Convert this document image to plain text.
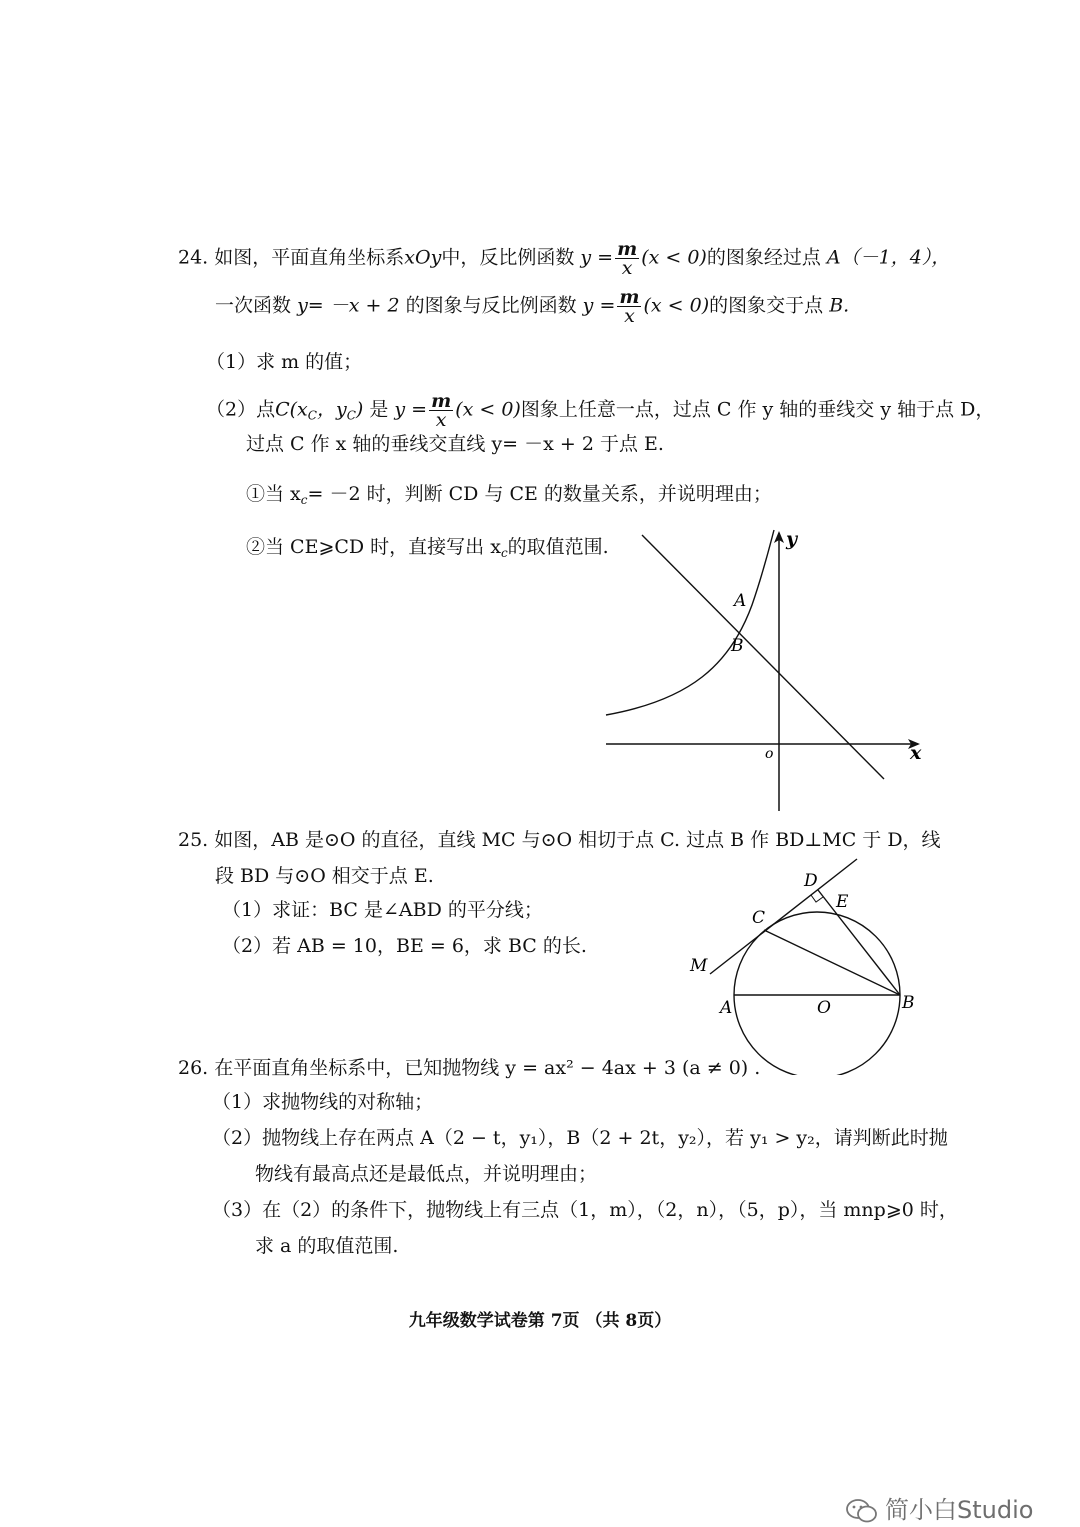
24. 如图，平面直角坐标系xOy中，反比例函数 $y = \frac{m}{x} (x < 0)$的图象经过点 A（－1，4），
一次函数 y= －x + 2 的图象与反比例函数 $y = \frac{m}{x} (x < 0)$的图象交于点 B.
（1）求 m 的值；
（2）点$C(x_C$，$y_C$) 是 $y = \frac{m}{x} (x < 0)$图象上任意一点，过点 C 作 y 轴的垂线交 y 轴于点 D，
过点 C 作 x 轴的垂线交直线 y= －x + 2 于点 E.
①当 $x_c= -2$ 时，判断 CD 与 CE 的数量关系，并说明理由；
②当 CE⩾CD 时，直接写出 $x_c$的取值范围.	y
x
o
A
B
25. 如图，AB 是⊙O 的直径，直线 MC 与⊙O 相切于点 C. 过点 B 作 BD⊥MC 于 D，线
段 BD 与⊙O 相交于点 E.
（1）求证：BC 是∠ABD 的平分线；
（2）若 AB = 10，BE = 6，求 BC 的长.
D
E
C
M
A	O	B
26. 在平面直角坐标系中，已知抛物线 y = ax² − 4ax + 3 (a ≠ 0) .
（1）求抛物线的对称轴；
（2）抛物线上存在两点 A（2 − t，y₁），B（2 + 2t，y₂），若 y₁ > y₂，请判断此时抛
物线有最高点还是最低点，并说明理由；
（3）在（2）的条件下，抛物线上有三点（1，m），（2，n），（5，p），当 mnp⩾0 时，
求 a 的取值范围.
九年级数学试卷第 7页 （共 8页）
简小白Studio
